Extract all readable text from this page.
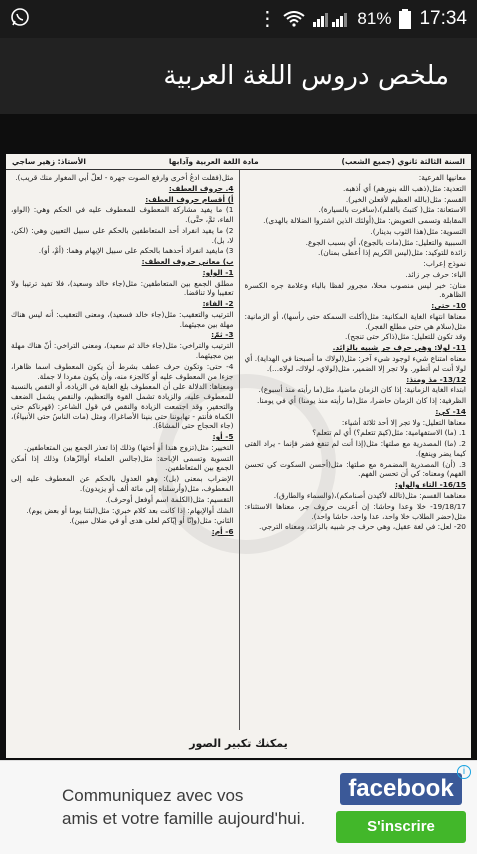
⋮	81% 17:34
ملخص دروس اللغة العربية
السنة الثالثة ثانوي (جميع الشعب)
مادة اللغة العربية وآدابها
الأستاذ: زهير ساجي

معانيها الفرعية:

التعدية: مثل(ذهب الله بنورهم) أي أذهبه.

القسم: مثل(بالله العظيم لأفعلن الخير).

الاستعانة: مثل( كتبتُ بالقلم)،(سافرت بالسيارة).

المقابلة وتسمى التعويض: مثل(أولئك الذين اشتروا الضلالة بالهدى).

التسوية: مثل(هذا الثوب بدينار).

السببية والتعليل: مثل(مات بالجوع)، أي بسبب الجوع.

زائدة للتوكيد: مثل(ليس الكريم إذا أعطى بمنان).

نموذج إعراب:

الباء: حرف جر زائد.

منان: خبر ليس منصوب محلا، مجرور لفظا بالباء وعلامة جره الكسرة الظاهرة.

10- حتى:

معناها انتهاء الغاية المكانية: مثل(أكلت السمكة حتى رأسها)، أو الزمانية: مثل(سلام هي حتى مطلع الفجر).

وقد تكون للتعليل: مثل(ذاكر حتى تنجح).

11- لولا: وهي حرف جر شبيه بالزائد.

معناه امتناع شيء لوجود شيء آخر: مثل(لولاك ما أصبحنا في الهداية). أي لولا أنت لم أتطور. ولا تجر إلا الضمير، مثل(لولاي، لولاك، لولاه...).

13/12- مذ ومنذ:

ابتداء الغاية الزمانية: إذا كان الزمان ماضيا، مثل(ما رأيته منذ أسبوع).

الظرفية: إذا كان الزمان حاضرا، مثل(ما رأيته منذ يومنا) أي في يومنا.

14- كي:

معناها التعليل: ولا تجر إلا أحد ثلاثة أشياء:

1. (ما) الاستفهامية: مثل(كيمَ تتعلم؟) أي لم تتعلم؟

2. (ما) المصدرية مع صلتها: مثل(إذا أنت لم تنفع فضر فإنما - يراد الفتى كيما يضر وينفع).

3. (أن) المصدرية المضمرة مع صلتها: مثل(أحسن السكوت كي تحسن الفهم) ومعناه: كي أن تحسن الفهم.

16/15- التاء والواو:

معناهما القسم: مثل(تالله لأكيدن أصنامكم)،(والسماء والطارق).

19/18/17- خلا وعدا وحاشا: إن أعربت حروف جر، معناها الاستثناء: مثل(حضر الطلاب خلا واحد، عدا واحد، حاشا واحد).

20- لعل: في لغة عقيل، وهي حرف جر شبيه بالزائد، ومعناه الترجي.

مثل(فقلت ادعُ أخرى وارفع الصوت جهرة - لعلّ أبي المغوار منك قريب).

4. حروف العطف:

أ) أقسام حروف العطف:

1) ما يفيد مشاركة المعطوف للمعطوف عليه في الحكم وهي: (الواو، الفاء، ثمَّ، حتَّى).

2) ما يفيد انفراد أحد المتعاطفين بالحكم على سبيل التعيين وهي: (لكن، لا، بل).

3) مايفيد انفراد أحدهما بالحكم على سبيل الإبهام وهما: (أمْ، أو).

ب) معاني حروف العطف:

1- الواو:

مطلق الجمع بين المتعاطفين: مثل(جاء خالد وسعيد)، فلا تفيد ترتيبا ولا تعقيبا ولا تناقضا.

2- الفاء:

الترتيب والتعقيب: مثل(جاء خالد فسعيد)، ومعنى التعقيب: أنه ليس هناك مهلة بين مجيئهما.

3- ثمّ:

الترتيب والتراخي: مثل(جاء خالد ثم سعيد)، ومعنى التراخي: أنّ هناك مهلة بين مجيئهما.

4- حتى: وتكون حرف عطف بشرط أن يكون المعطوف اسما ظاهرا، جزءا من المعطوف عليه أو كالجزء منه، وأن يكون مفردا لا جملة.

ومعناها: الدلالة على أن المعطوف بلغ الغاية في الزيادة، أو النقص بالنسبة للمعطوف عليه، والزيادة تشمل القوة والتعظيم، والنقص يشمل الضعف والتحقير، وقد اجتمعت الزيادة والنقص في قول الشاعر: (قهرناكم حتى الكماة فأنتم - تهابوننا حتى بنينا الأصاغرا)، ومثل (مات الناسُ حتى الأنبياءُ)،(جاء الحجاج حتى المشاةُ).

5- أو:

التخيير: مثل(تزوج هندا أو أختها) وذلك إذا تعذر الجمع بين المتعاطفين.

التسوية وتسمى الإباحة: مثل(جالس العلماء أوالزّهاد) وذلك إذا أمكن الجمع بين المتعاطفين.

الإضراب بمعنى (بل): وهو العدول بالحكم عن المعطوف عليه إلى المعطوف، مثل(وأرسلناه إلى مائة ألف أو يزيدون).

التقسيم: مثل(الكلمة اسم أوفعل أوحرف).

الشك أوالإبهام: إذا كانت بعد كلام خبري: مثل(لبثنا يوما أو بعض يوم).

الثاني: مثل(وإنّا أو إيّاكم لعلى هدى أو في ضلال مبين).

6- أم:

يمكنك تكبير الصور
i
Communiquez avec vos
amis et votre famille aujourd'hui.
facebook
S'inscrire
